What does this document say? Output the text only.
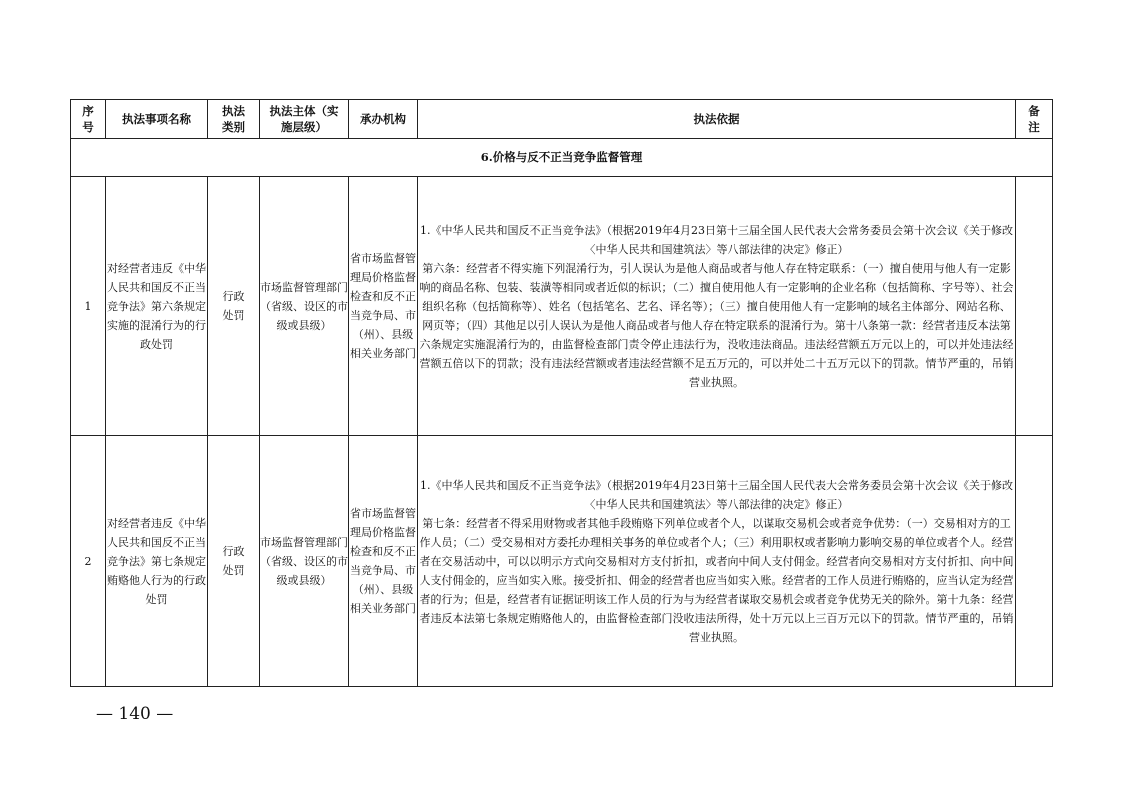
序号	执法事项名称	执法类别	执法主体（实施层级）	承办机构	执法依据	备注
6.价格与反不正当竞争监督管理						
1	对经营者违反《中华人民共和国反不正当竞争法》第六条规定实施的混淆行为的行政处罚	行政处罚	市场监督管理部门（省级、设区的市级或县级）	省市场监督管理局价格监督检查和反不正当竞争局、市（州）、县级相关业务部门	1.《中华人民共和国反不正当竞争法》（根据2019年4月23日第十三届全国人民代表大会常务委员会第十次会议《关于修改〈中华人民共和国建筑法〉等八部法律的决定》修正）
第六条：经营者不得实施下列混淆行为，引人误认为是他人商品或者与他人存在特定联系：（一）擅自使用与他人有一定影响的商品名称、包装、装潢等相同或者近似的标识；（二）擅自使用他人有一定影响的企业名称（包括简称、字号等）、社会组织名称（包括简称等）、姓名（包括笔名、艺名、译名等）；（三）擅自使用他人有一定影响的域名主体部分、网站名称、网页等；（四）其他足以引人误认为是他人商品或者与他人存在特定联系的混淆行为。第十八条第一款：经营者违反本法第六条规定实施混淆行为的，由监督检查部门责令停止违法行为，没收违法商品。违法经营额五万元以上的，可以并处违法经营额五倍以下的罚款；没有违法经营额或者违法经营额不足五万元的，可以并处二十五万元以下的罚款。情节严重的，吊销营业执照。	
2	对经营者违反《中华人民共和国反不正当竞争法》第七条规定贿赂他人行为的行政处罚	行政处罚	市场监督管理部门（省级、设区的市级或县级）	省市场监督管理局价格监督检查和反不正当竞争局、市（州）、县级相关业务部门	1.《中华人民共和国反不正当竞争法》（根据2019年4月23日第十三届全国人民代表大会常务委员会第十次会议《关于修改〈中华人民共和国建筑法〉等八部法律的决定》修正）
第七条：经营者不得采用财物或者其他手段贿赂下列单位或者个人，以谋取交易机会或者竞争优势：（一）交易相对方的工作人员；（二）受交易相对方委托办理相关事务的单位或者个人；（三）利用职权或者影响力影响交易的单位或者个人。经营者在交易活动中，可以以明示方式向交易相对方支付折扣，或者向中间人支付佣金。经营者向交易相对方支付折扣、向中间人支付佣金的，应当如实入账。接受折扣、佣金的经营者也应当如实入账。经营者的工作人员进行贿赂的，应当认定为经营者的行为；但是，经营者有证据证明该工作人员的行为与为经营者谋取交易机会或者竞争优势无关的除外。第十九条：经营者违反本法第七条规定贿赂他人的，由监督检查部门没收违法所得，处十万元以上三百万元以下的罚款。情节严重的，吊销营业执照。	
— 140 —
